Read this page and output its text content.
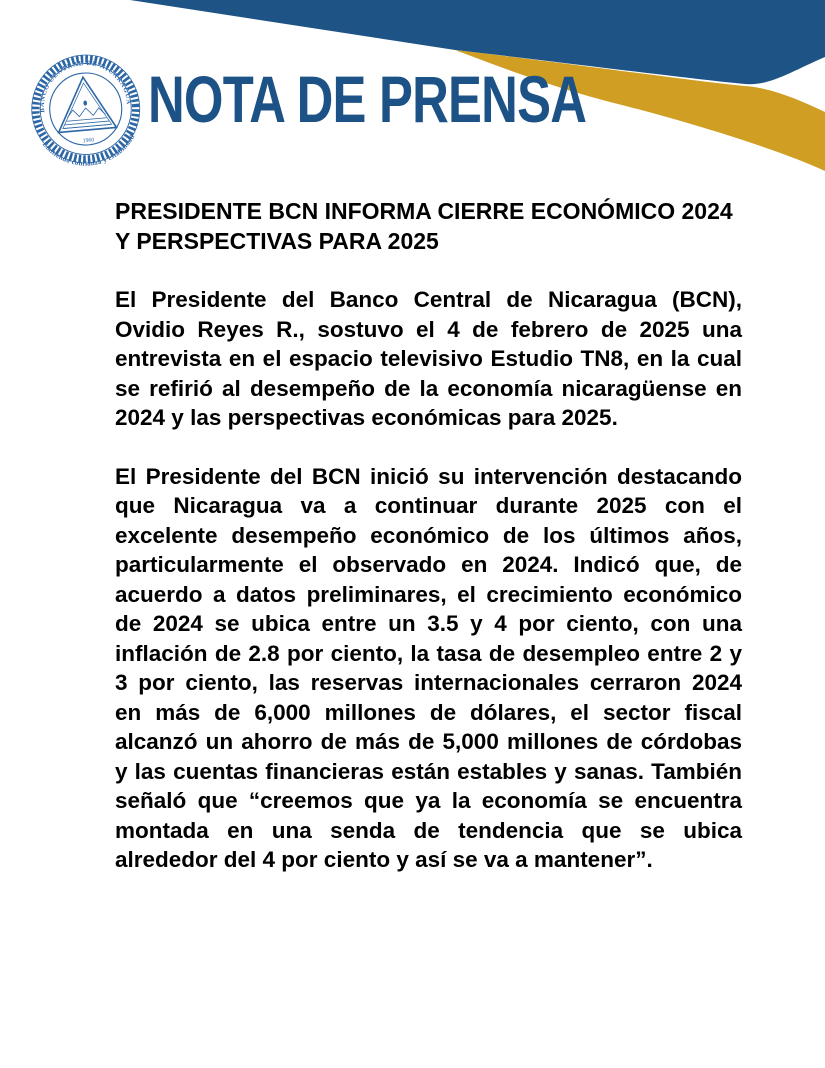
BANCO CENTRAL DE NICARAGUA
1960
Emitiendo confianza y estabilidad
NOTA DE PRENSA
PRESIDENTE BCN INFORMA CIERRE ECONÓMICO 2024 Y PERSPECTIVAS PARA 2025

El Presidente del Banco Central de Nicaragua (BCN), Ovidio Reyes R., sostuvo el 4 de febrero de 2025 una entrevista en el espacio televisivo Estudio TN8, en la cual se refirió al desempeño de la economía nicaragüense en 2024 y las perspectivas económicas para 2025.

El Presidente del BCN inició su intervención destacando que Nicaragua va a continuar durante 2025 con el excelente desempeño económico de los últimos años, particularmente el observado en 2024. Indicó que, de acuerdo a datos preliminares, el crecimiento económico de 2024 se ubica entre un 3.5 y 4 por ciento, con una inflación de 2.8 por ciento, la tasa de desempleo entre 2 y 3 por ciento, las reservas internacionales cerraron 2024 en más de 6,000 millones de dólares, el sector fiscal alcanzó un ahorro de más de 5,000 millones de córdobas y las cuentas financieras están estables y sanas. También señaló que “creemos que ya la economía se encuentra montada en una senda de tendencia que se ubica alrededor del 4 por ciento y así se va a mantener”.
